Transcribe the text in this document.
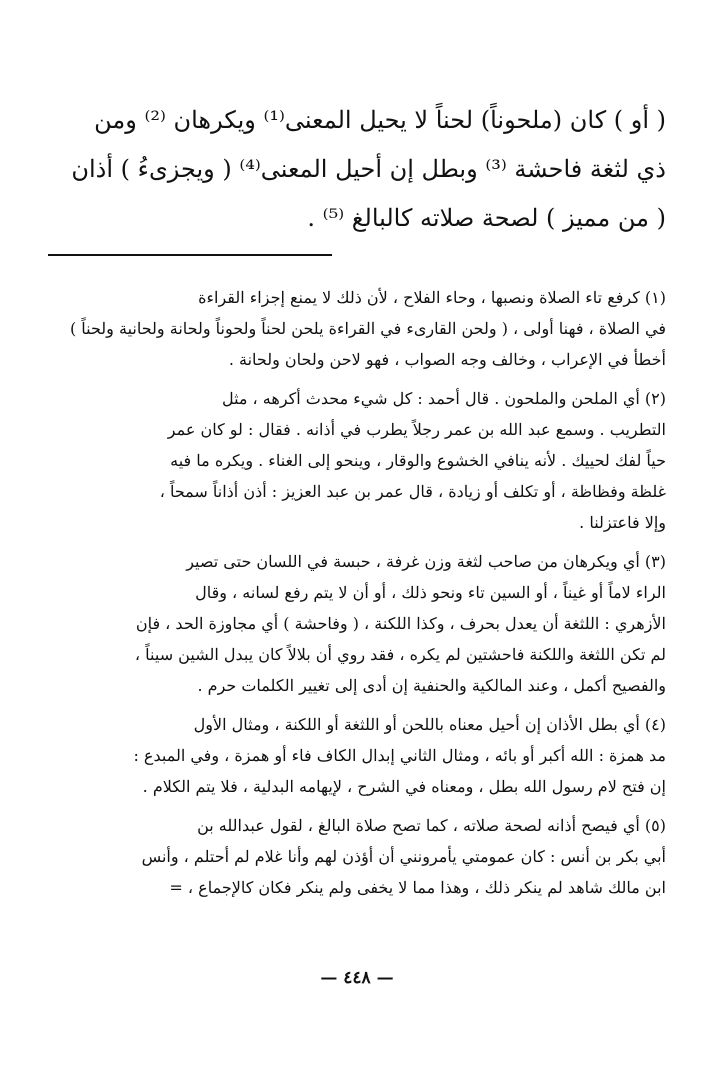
( أو ) كان (ملحوناً) لحناً لا يحيل المعنى⁽¹⁾ ويكرهان ⁽²⁾ ومن
ذي لثغة فاحشة ⁽³⁾ وبطل إن أحيل المعنى⁽⁴⁾ ( ويجزىءُ ) أذان
( من مميز ) لصحة صلاته كالبالغ ⁽⁵⁾ .
(١) كرفع تاء الصلاة ونصبها ، وحاء الفلاح ، لأن ذلك لا يمنع إجزاء القراءة
في الصلاة ، فهنا أولى ، ( ولحن القارىء في القراءة يلحن لحناً ولحوناً ولحانة ولحانية ولحناً )
أخطأ في الإعراب ، وخالف وجه الصواب ، فهو لاحن ولحان ولحانة .
(٢) أي الملحن والملحون . قال أحمد : كل شيء محدث أكرهه ، مثل
التطريب . وسمع عبد الله بن عمر رجلاً يطرب في أذانه . فقال : لو كان عمر
حياً لفك لحييك . لأنه ينافي الخشوع والوقار ، وينحو إلى الغناء . ويكره ما فيه
غلظة وفظاظة ، أو تكلف أو زيادة ، قال عمر بن عبد العزيز : أذن أذاناً سمحاً ،
وإلا فاعتزلنا .
(٣) أي ويكرهان من صاحب لثغة وزن غرفة ، حبسة في اللسان حتى تصير
الراء لاماً أو غيناً ، أو السين تاء ونحو ذلك ، أو أن لا يتم رفع لسانه ، وقال
الأزهري : اللثغة أن يعدل بحرف ، وكذا اللكنة ، ( وفاحشة ) أي مجاوزة الحد ، فإن
لم تكن اللثغة واللكنة فاحشتين لم يكره ، فقد روي أن بلالاً كان يبدل الشين سيناً ،
والفصيح أكمل ، وعند المالكية والحنفية إن أدى إلى تغيير الكلمات حرم .
(٤) أي بطل الأذان إن أحيل معناه باللحن أو اللثغة أو اللكنة ، ومثال الأول
مد همزة : الله أكبر أو بائه ، ومثال الثاني إبدال الكاف فاء أو همزة ، وفي المبدع :
إن فتح لام رسول الله بطل ، ومعناه في الشرح ، لإيهامه البدلية ، فلا يتم الكلام .
(٥) أي فيصح أذانه لصحة صلاته ، كما تصح صلاة البالغ ، لقول عبدالله بن
أبي بكر بن أنس : كان عمومتي يأمرونني أن أؤذن لهم وأنا غلام لم أحتلم ، وأنس
ابن مالك شاهد لم ينكر ذلك ، وهذا مما لا يخفى ولم ينكر فكان كالإجماع ، =
— ٤٤٨ —
